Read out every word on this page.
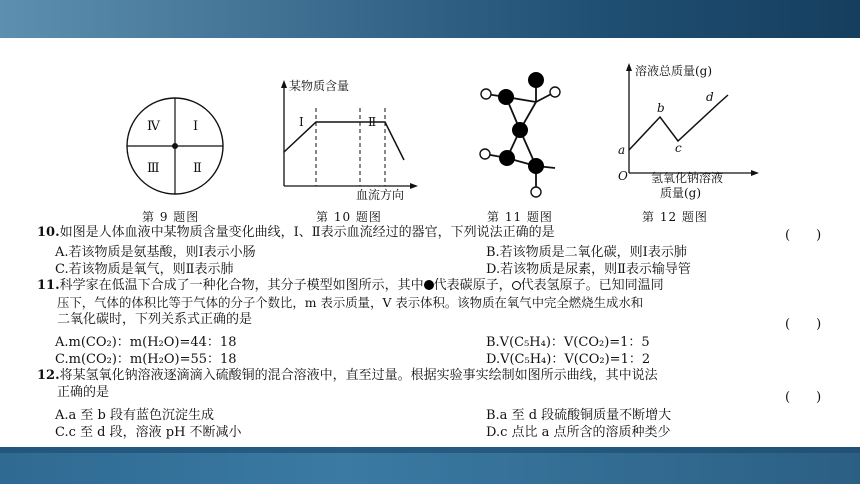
Ⅳ	Ⅰ
Ⅲ	Ⅱ
第 9 题图
某物质含量
Ⅰ	Ⅱ
血流方向
第 10 题图	第 11 题图
溶液总质量(g)
a
b
c
d
O 氢氧化钠溶液
质量(g)
第 12 题图
10.如图是人体血液中某物质含量变化曲线，Ⅰ、Ⅱ表示血流经过的器官，下列说法正确的是	(　　)
A.若该物质是氨基酸，则Ⅰ表示小肠	B.若该物质是二氧化碳，则Ⅰ表示肺
C.若该物质是氧气，则Ⅱ表示肺	D.若该物质是尿素，则Ⅱ表示输导管
11.科学家在低温下合成了一种化合物，其分子模型如图所示，其中 代表碳原子， 代表氢原子。已知同温同
压下，气体的体积比等于气体的分子个数比，m 表示质量，V 表示体积。该物质在氧气中完全燃烧生成水和
二氧化碳时，下列关系式正确的是	(　　)
A.m(CO₂)：m(H₂O)=44：18	B.V(C₅H₄)：V(CO₂)=1：5
C.m(CO₂)：m(H₂O)=55：18	D.V(C₅H₄)：V(CO₂)=1：2
12.将某氢氧化钠溶液逐滴滴入硫酸铜的混合溶液中，直至过量。根据实验事实绘制如图所示曲线，其中说法
正确的是	(　　)
A.a 至 b 段有蓝色沉淀生成	B.a 至 d 段硫酸铜质量不断增大
C.c 至 d 段，溶液 pH 不断减小	D.c 点比 a 点所含的溶质种类少
